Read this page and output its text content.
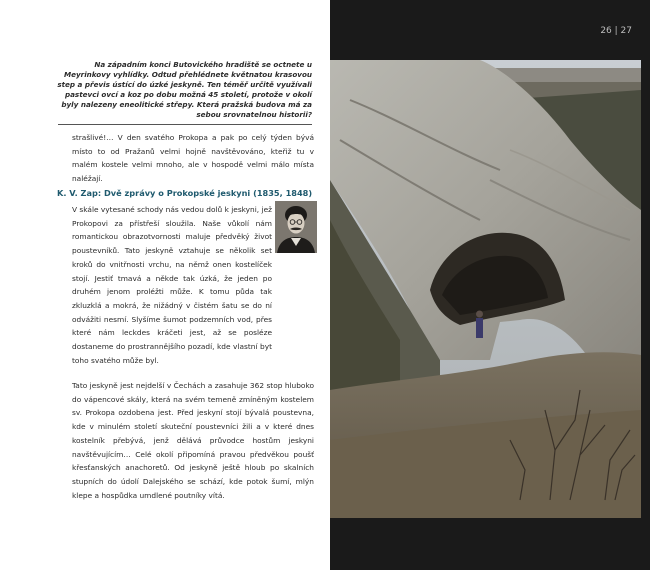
Na západním konci Butovického hradiště se octnete u Meyrinkovy vyhlídky. Odtud přehlédnete květnatou krasovou step a převis ústící do úzké jeskyně. Ten téměř určitě využívali pastevci ovcí a koz po dobu možná 45 století, protože v okolí byly nalezeny eneolitické střepy. Která pražská budova má za sebou srovnatelnou historii?

strašlivé!… V den svatého Prokopa a pak po celý týden bývá místo to od Pražanů velmi hojně navštěvováno, kteřiž tu v malém kostele velmi mnoho, ale v hospodě velmi málo místa naléžají.

K. V. Zap: Dvě zprávy o Prokopské jeskyni (1835, 1848)

V skále vytesané schody nás vedou dolů k jeskyni, jež Prokopovi za přístřeší sloužila. Naše vůkolí nám romantickou obrazotvornosti maluje předvěký život poustevníků. Tato jeskyně vztahuje se několik set kroků do vnitřnosti vrchu, na němž onen kostelíček stojí. Jestiť tmavá a někde tak úzká, že jeden po druhém jenom proléžti může. K tomu půda tak zkluzklá a mokrá, že nižádný v čistém šatu se do ní odvážiti nesmí. Slyšíme šumot podzemních vod, přes které nám leckdes kráčeti jest, až se posléze dostaneme do prostrannějšího pozadí, kde vlastní byt toho svatého může byl.

Tato jeskyně jest nejdelší v Čechách a zasahuje 362 stop hluboko do vápencové skály, která na svém temeně zmíněným kostelem sv. Prokopa ozdobena jest. Před jeskyní stojí bývalá poustevna, kde v minulém století skuteční poustevníci žili a v které dnes kostelník přebývá, jenž dělává průvodce hostům jeskyni navštěvujícím… Celé okolí připomíná pravou předvěkou poušť křesťanských anachoretů. Od jeskyně ještě hloub po skalních stupních do údolí Dalejského se schází, kde potok šumí, mlýn klepe a hospůdka umdlené poutníky vítá.

26 | 27
